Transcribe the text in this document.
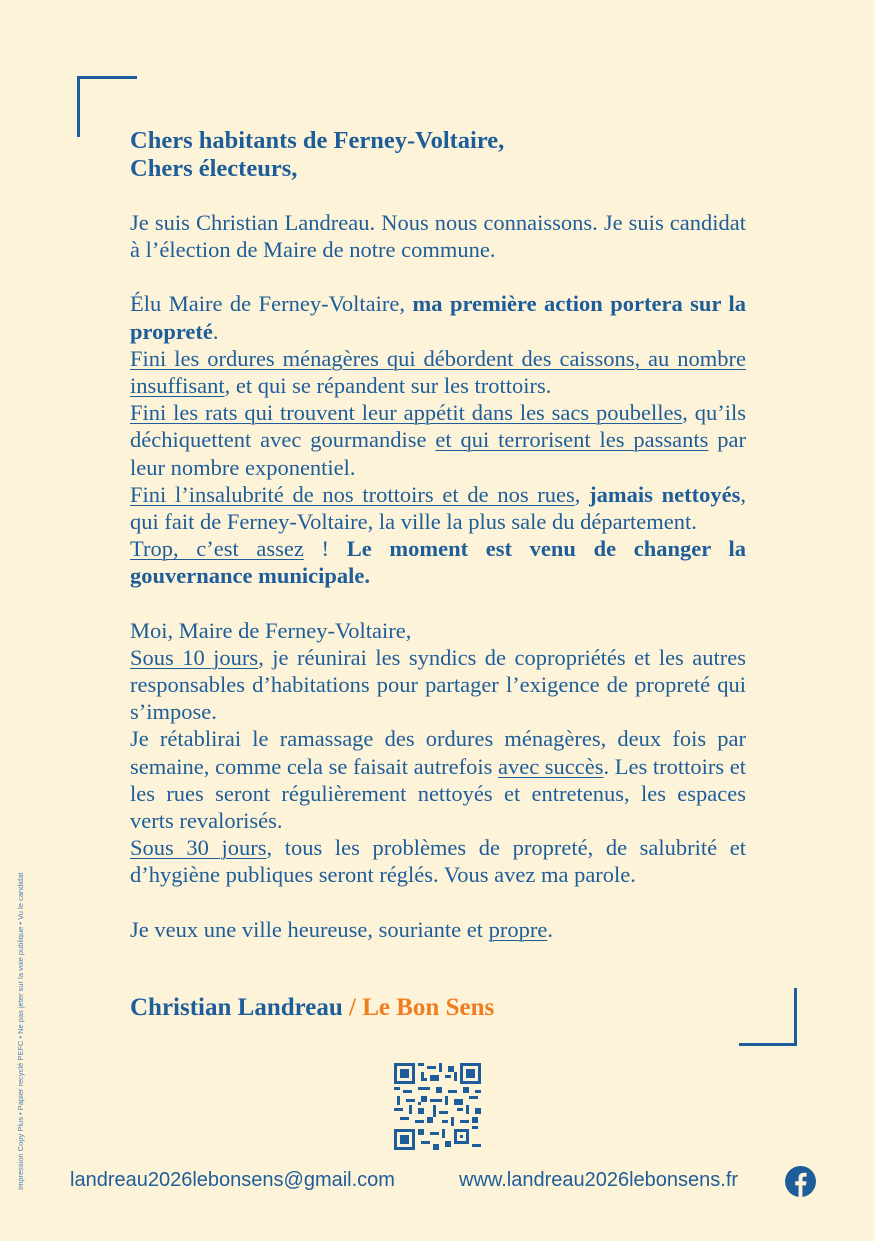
Chers habitants de Ferney-Voltaire,
Chers électeurs,

Je suis Christian Landreau. Nous nous connaissons. Je suis candidat à l’élection de Maire de notre commune.

Élu Maire de Ferney-Voltaire, ma première action portera sur la propreté.
Fini les ordures ménagères qui débordent des caissons, au nombre insuffisant, et qui se répandent sur les trottoirs.
Fini les rats qui trouvent leur appétit dans les sacs poubelles, qu’ils déchiquettent avec gourmandise et qui terrorisent les passants par leur nombre exponentiel.
Fini l’insalubrité de nos trottoirs et de nos rues, jamais nettoyés, qui fait de Ferney-Voltaire, la ville la plus sale du département.
Trop, c’est assez ! Le moment est venu de changer la gouvernance municipale.

Moi, Maire de Ferney-Voltaire,
Sous 10 jours, je réunirai les syndics de copropriétés et les autres responsables d’habitations pour partager l’exigence de propreté qui s’impose.
Je rétablirai le ramassage des ordures ménagères, deux fois par semaine, comme cela se faisait autrefois avec succès. Les trottoirs et les rues seront régulièrement nettoyés et entretenus, les espaces verts revalorisés.
Sous 30 jours, tous les problèmes de propreté, de salubrité et d’hygiène publiques seront réglés. Vous avez ma parole.

Je veux une ville heureuse, souriante et propre.

Christian Landreau / Le Bon Sens
landreau2026lebonsens@gmail.com	www.landreau2026lebonsens.fr
Impression Copy Plus • Papier recyclé PEFC • Ne pas jeter sur la voie publique • Vu le candidat
